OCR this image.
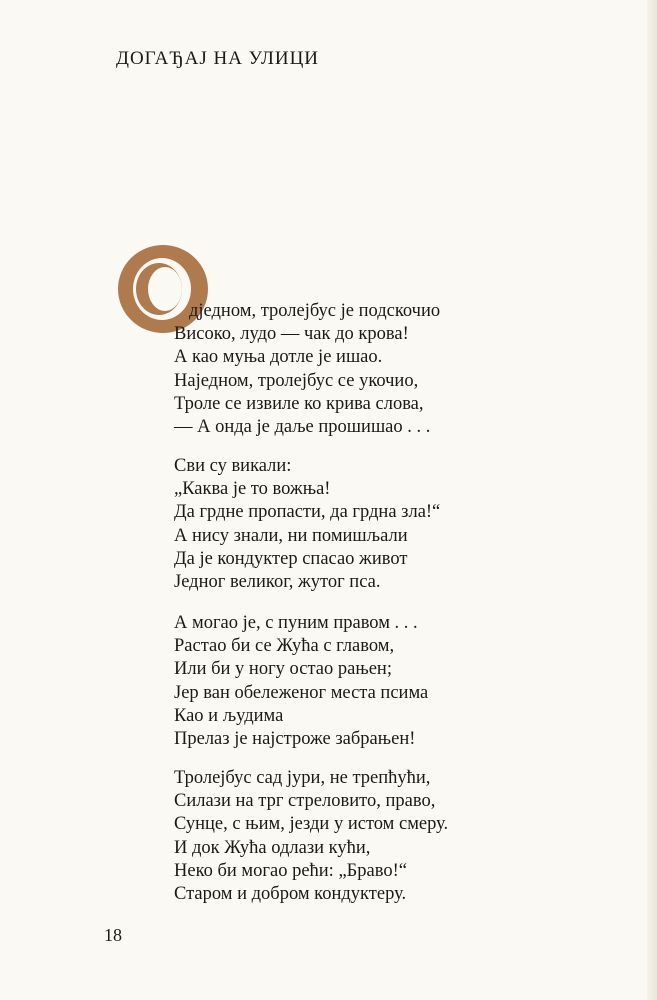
ДОГАЂАЈ НА УЛИЦИ
дједном, тролејбус је подскочио
Високо, лудо — чак до крова!
А као муња дотле је ишао.
Наједном, тролејбус се укочио,
Троле се извиле ко крива слова,
— А онда је даље прошишао . . .
Сви су викали:
„Каква је то вожња!
Да грдне пропасти, да грдна зла!“
А нису знали, ни помишљали
Да је кондуктер спасао живот
Једног великог, жутог пса.
А могао је, с пуним правом . . .
Растао би се Жућа с главом,
Или би у ногу остао рањен;
Јер ван обележеног места псима
Као и људима
Прелаз је најстроже забрањен!
Тролејбус сад јури, не трепћући,
Силази на трг стреловито, право,
Сунце, с њим, језди у истом смеру.
И док Жућа одлази кући,
Неко би могао рећи: „Браво!“
Старом и добром кондуктеру.
18
